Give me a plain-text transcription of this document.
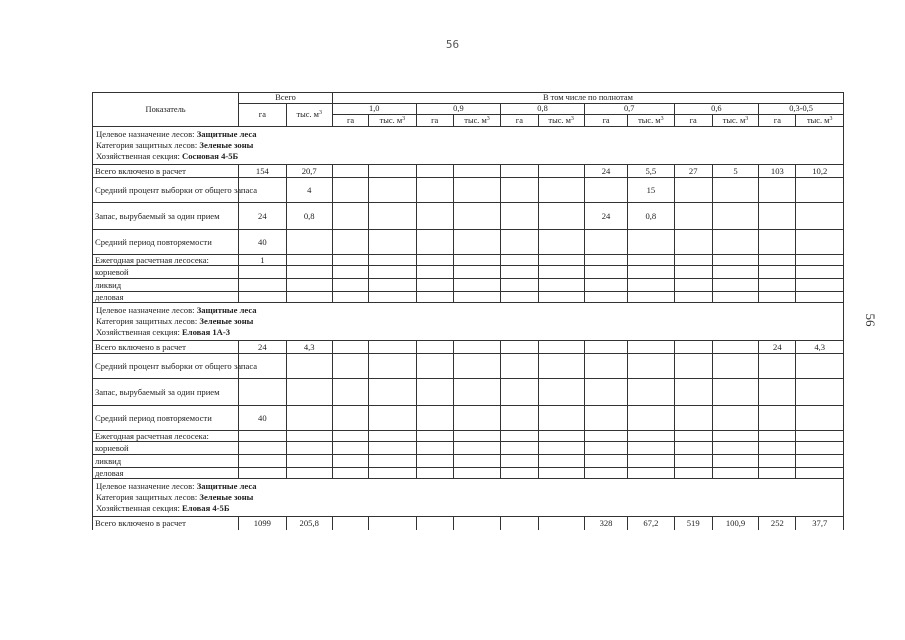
56
56
Показатель	Всего		В том числе по полнотам											
	га	тыс. $м^3$	1,0		0,9		0,8		0,7		0,6		0,3-0,5	
			га	тыс. $м^3$	га	тыс. $м^3$	га	тыс. $м^3$	га	тыс. $м^3$	га	тыс. $м^3$	га	тыс. $м^3$

Целевое назначение лесов: Защитные леса
Категория защитных лесов: Зеленые зоны
Хозяйственная секция: Сосновая 4-5Б														

Всего включено в расчет	154	20,7							24	5,5	27	5	103	10,2
Средний процент выборки от общего запаса		4								15				
Запас, вырубаемый за один прием	24	0,8							24	0,8				
Средний период повторяемости	40													
Ежегодная расчетная лесосека:	1													
корневой														
ликвид														
деловая														

Целевое назначение лесов: Защитные леса
Категория защитных лесов: Зеленые зоны
Хозяйственная секция: Еловая 1А-3														

Всего включено в расчет	24	4,3											24	4,3
Средний процент выборки от общего запаса														
Запас, вырубаемый за один прием														
Средний период повторяемости	40													
Ежегодная расчетная лесосека:														
корневой														
ликвид														
деловая														

Целевое назначение лесов: Защитные леса
Категория защитных лесов: Зеленые зоны
Хозяйственная секция: Еловая 4-5Б														

Всего включено в расчет	1099	205,8							328	67,2	519	100,9	252	37,7
